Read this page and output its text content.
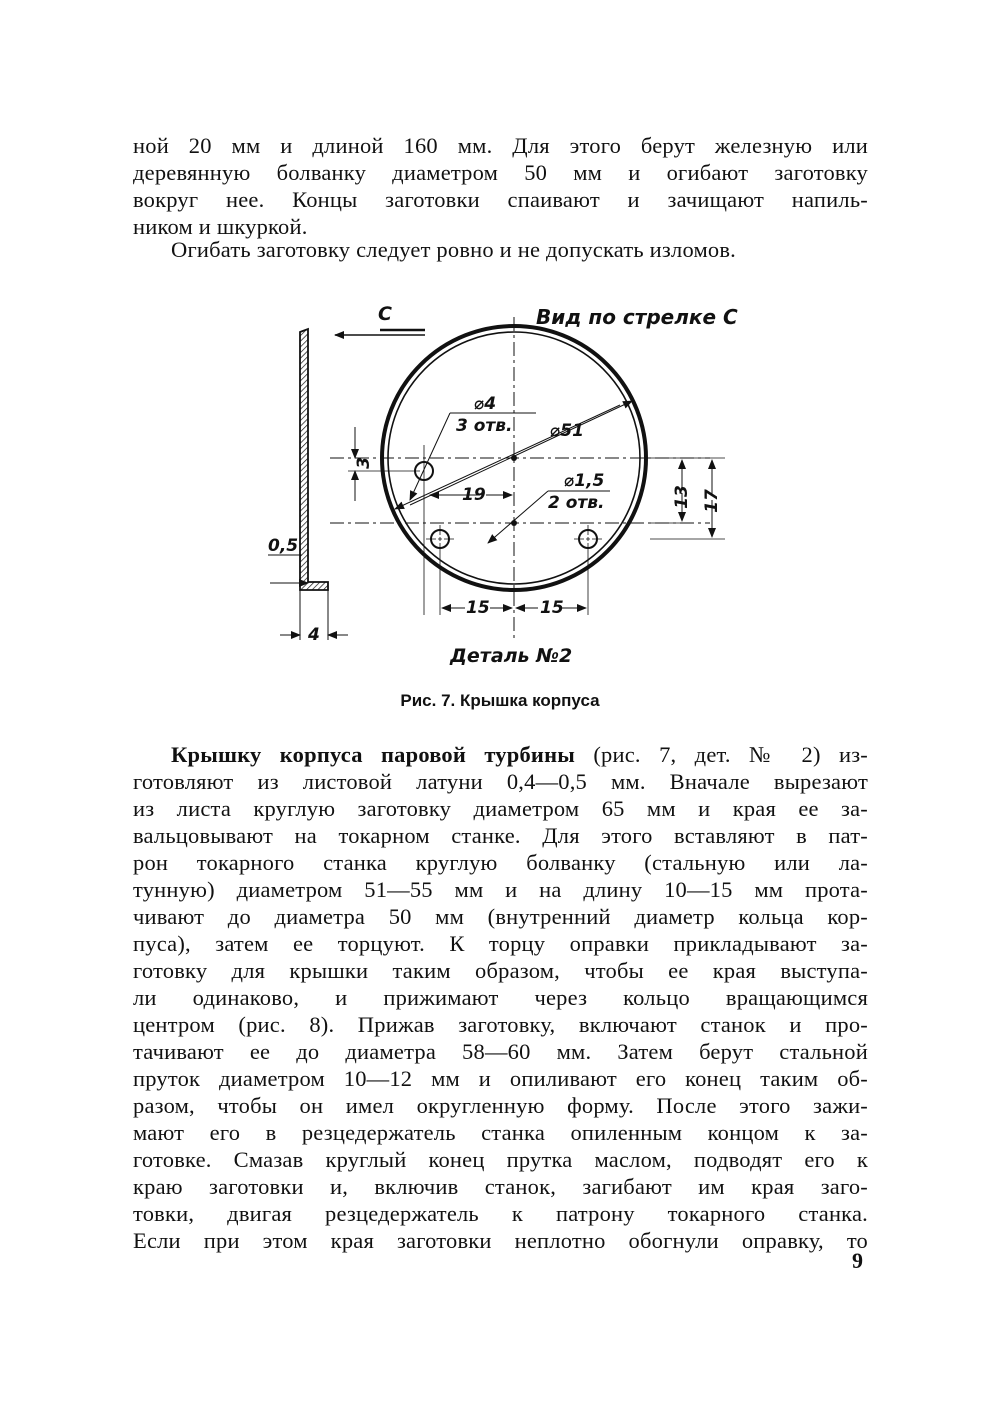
ной 20 мм и длиной 160 мм. Для этого берут железную или
деревянную болванку диаметром 50 мм и огибают заготовку
вокруг нее. Концы заготовки спаивают и зачищают напиль-
ником и шкуркой.
Огибать заготовку следует ровно и не допускать изломов.
С	Вид по стрелке С
⌀4
3 отв. ⌀51
3
19
⌀1,5
2 отв.	13 17
0,5
15	15
4
Деталь №2
Рис. 7. Крышка корпуса
Крышку корпуса паровой турбины (рис. 7, дет. № 2) из-
готовляют из листовой латуни 0,4—0,5 мм. Вначале вырезают
из листа круглую заготовку диаметром 65 мм и края ее за-
вальцовывают на токарном станке. Для этого вставляют в пат-
рон токарного станка круглую болванку (стальную или ла-
тунную) диаметром 51—55 мм и на длину 10—15 мм прота-
чивают до диаметра 50 мм (внутренний диаметр кольца кор-
пуса), затем ее торцуют. К торцу оправки прикладывают за-
готовку для крышки таким образом, чтобы ее края выступа-
ли одинаково, и прижимают через кольцо вращающимся
центром (рис. 8). Прижав заготовку, включают станок и про-
тачивают ее до диаметра 58—60 мм. Затем берут стальной
пруток диаметром 10—12 мм и опиливают его конец таким об-
разом, чтобы он имел округленную форму. После этого зажи-
мают его в резцедержатель станка опиленным концом к за-
готовке. Смазав круглый конец прутка маслом, подводят его к
краю заготовки и, включив станок, загибают им края заго-
товки, двигая резцедержатель к патрону токарного станка.
Если при этом края заготовки неплотно обогнули оправку, то
9
